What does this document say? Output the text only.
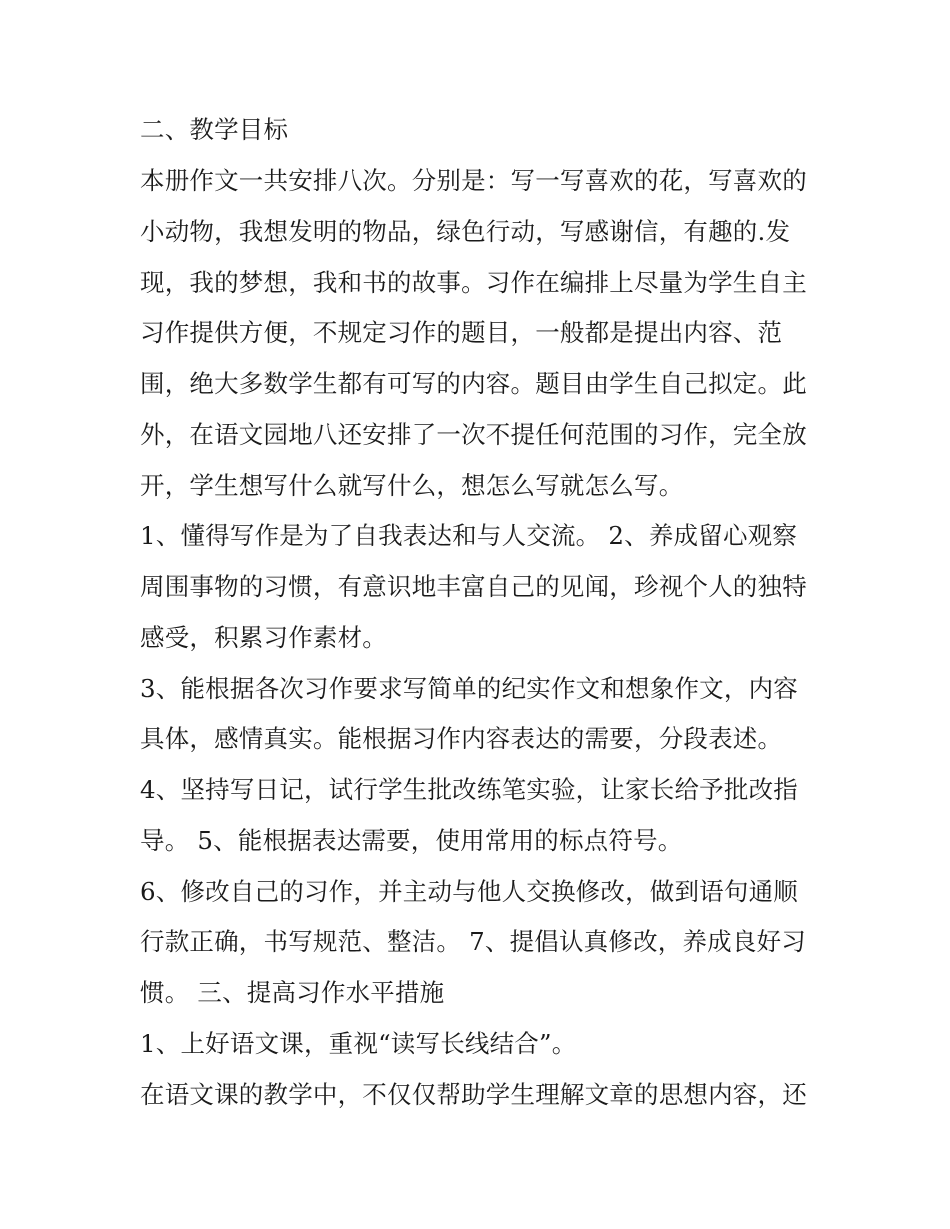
二、教学目标
本册作文一共安排八次。分别是：写一写喜欢的花，写喜欢的
小动物，我想发明的物品，绿色行动，写感谢信，有趣的.发
现，我的梦想，我和书的故事。习作在编排上尽量为学生自主
习作提供方便，不规定习作的题目，一般都是提出内容、范
围，绝大多数学生都有可写的内容。题目由学生自己拟定。此
外，在语文园地八还安排了一次不提任何范围的习作，完全放
开，学生想写什么就写什么，想怎么写就怎么写。
1、懂得写作是为了自我表达和与人交流。 2、养成留心观察
周围事物的习惯，有意识地丰富自己的见闻，珍视个人的独特
感受，积累习作素材。
3、能根据各次习作要求写简单的纪实作文和想象作文，内容
具体，感情真实。能根据习作内容表达的需要，分段表述。
4、坚持写日记，试行学生批改练笔实验，让家长给予批改指
导。 5、能根据表达需要，使用常用的标点符号。
6、修改自己的习作，并主动与他人交换修改，做到语句通顺
行款正确，书写规范、整洁。 7、提倡认真修改，养成良好习
惯。 三、提高习作水平措施
1、上好语文课，重视“读写长线结合”。
在语文课的教学中，不仅仅帮助学生理解文章的思想内容，还
